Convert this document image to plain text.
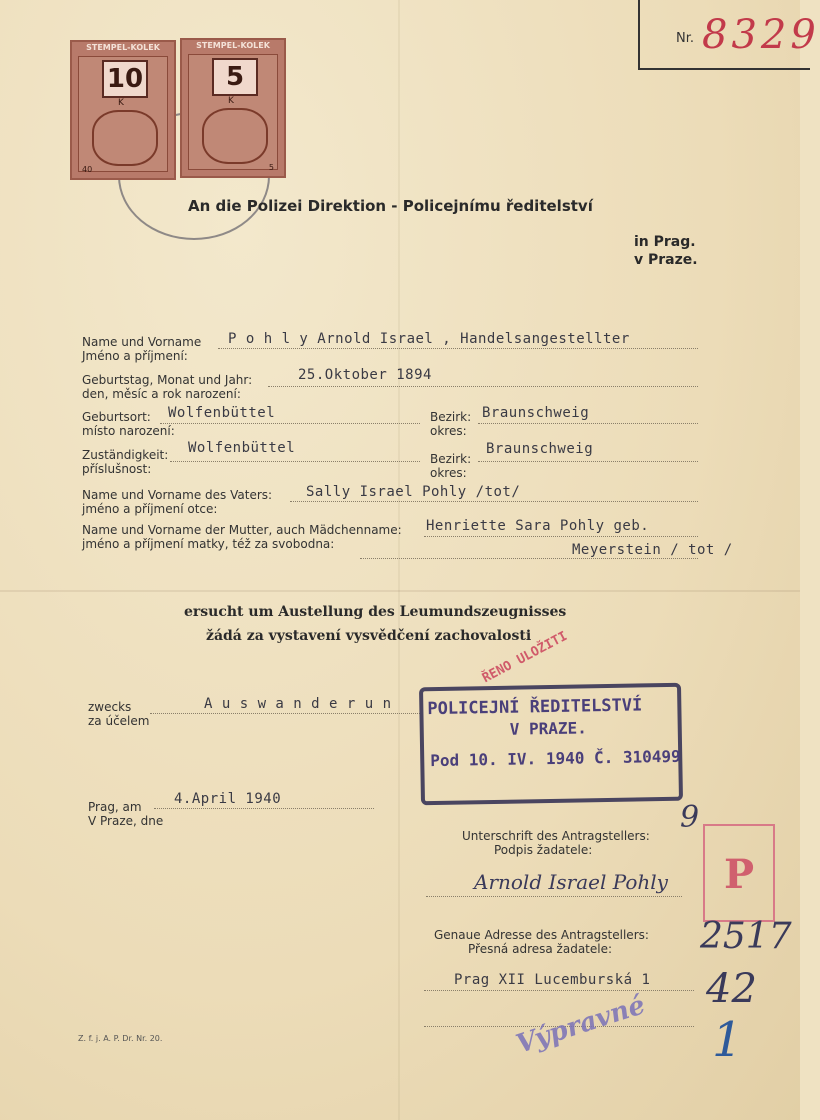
Nr. 8329
STEMPEL-KOLEK
10
K
40
STEMPEL-KOLEK
5
K
5
An die Polizei Direktion - Policejnímu ředitelství
in Prag.
v Praze.
Name und Vorname
Jméno a příjmení:
P o h l y Arnold Israel , Handelsangestellter
Geburtstag, Monat und Jahr:
den, měsíc a rok narození:
25.Oktober 1894
Geburtsort:
místo narození:
Wolfenbüttel	Bezirk:
okres:
Braunschweig
Zuständigkeit:
příslušnost:
Wolfenbüttel
Bezirk:
okres:
Braunschweig
Name und Vorname des Vaters:
jméno a příjmení otce:
Sally Israel Pohly /tot/
Name und Vorname der Mutter, auch Mädchenname:
jméno a příjmení matky, též za svobodna:
Henriette Sara Pohly geb.
Meyerstein / tot /
ersucht um Austellung des Leumundszeugnisses
žádá za vystavení vysvědčení zachovalosti
ŘENO ULOŽITI
zwecks
za účelem
A u s w a n d e r u n POLICEJNÍ ŘEDITELSTVÍ
V PRAZE.
Pod 10. IV. 1940 Č. 310499
Prag, am
V Praze, dne
4.April 1940
Unterschrift des Antragstellers:
Podpis žadatele:
Arnold Israel Pohly
Genaue Adresse des Antragstellers:
Přesná adresa žadatele:
Prag XII Lucemburská 1
P
9
2517
42
1
Výpravné
Z. f. j. A. P. Dr. Nr. 20.
